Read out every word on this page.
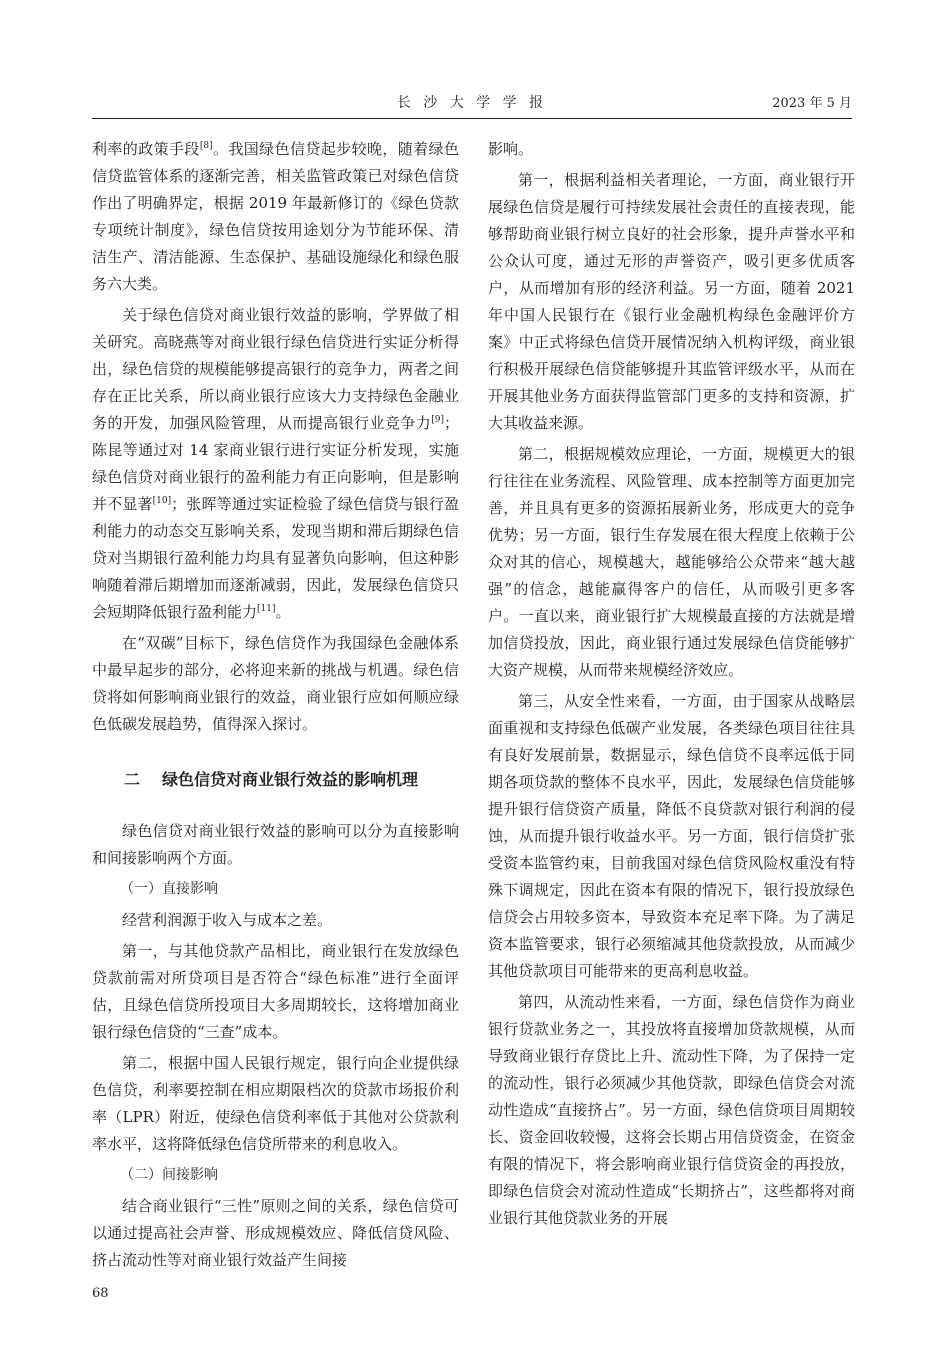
长 沙 大 学 学 报	2023 年 5 月

利率的政策手段[8]。我国绿色信贷起步较晚，随着绿色信贷监管体系的逐渐完善，相关监管政策已对绿色信贷作出了明确界定，根据 2019 年最新修订的《绿色贷款专项统计制度》，绿色信贷按用途划分为节能环保、清洁生产、清洁能源、生态保护、基础设施绿化和绿色服务六大类。

关于绿色信贷对商业银行效益的影响，学界做了相关研究。高晓燕等对商业银行绿色信贷进行实证分析得出，绿色信贷的规模能够提高银行的竞争力，两者之间存在正比关系，所以商业银行应该大力支持绿色金融业务的开发，加强风险管理，从而提高银行业竞争力[9]；陈昆等通过对 14 家商业银行进行实证分析发现，实施绿色信贷对商业银行的盈利能力有正向影响，但是影响并不显著[10]；张晖等通过实证检验了绿色信贷与银行盈利能力的动态交互影响关系，发现当期和滞后期绿色信贷对当期银行盈利能力均具有显著负向影响，但这种影响随着滞后期增加而逐渐减弱，因此，发展绿色信贷只会短期降低银行盈利能力[11]。

在“双碳”目标下，绿色信贷作为我国绿色金融体系中最早起步的部分，必将迎来新的挑战与机遇。绿色信贷将如何影响商业银行的效益，商业银行应如何顺应绿色低碳发展趋势，值得深入探讨。

二 绿色信贷对商业银行效益的影响机理

绿色信贷对商业银行效益的影响可以分为直接影响和间接影响两个方面。

（一）直接影响

经营利润源于收入与成本之差。

第一，与其他贷款产品相比，商业银行在发放绿色贷款前需对所贷项目是否符合“绿色标准”进行全面评估，且绿色信贷所投项目大多周期较长，这将增加商业银行绿色信贷的“三查”成本。

第二，根据中国人民银行规定，银行向企业提供绿色信贷，利率要控制在相应期限档次的贷款市场报价利率（LPR）附近，使绿色信贷利率低于其他对公贷款利率水平，这将降低绿色信贷所带来的利息收入。

（二）间接影响

结合商业银行“三性”原则之间的关系，绿色信贷可以通过提高社会声誉、形成规模效应、降低信贷风险、挤占流动性等对商业银行效益产生间接

影响。

第一，根据利益相关者理论，一方面，商业银行开展绿色信贷是履行可持续发展社会责任的直接表现，能够帮助商业银行树立良好的社会形象，提升声誉水平和公众认可度，通过无形的声誉资产，吸引更多优质客户，从而增加有形的经济利益。另一方面，随着 2021 年中国人民银行在《银行业金融机构绿色金融评价方案》中正式将绿色信贷开展情况纳入机构评级，商业银行积极开展绿色信贷能够提升其监管评级水平，从而在开展其他业务方面获得监管部门更多的支持和资源，扩大其收益来源。

第二，根据规模效应理论，一方面，规模更大的银行往往在业务流程、风险管理、成本控制等方面更加完善，并且具有更多的资源拓展新业务，形成更大的竞争优势；另一方面，银行生存发展在很大程度上依赖于公众对其的信心，规模越大，越能够给公众带来“越大越强”的信念，越能赢得客户的信任，从而吸引更多客户。一直以来，商业银行扩大规模最直接的方法就是增加信贷投放，因此，商业银行通过发展绿色信贷能够扩大资产规模，从而带来规模经济效应。

第三，从安全性来看，一方面，由于国家从战略层面重视和支持绿色低碳产业发展，各类绿色项目往往具有良好发展前景，数据显示，绿色信贷不良率远低于同期各项贷款的整体不良水平，因此，发展绿色信贷能够提升银行信贷资产质量，降低不良贷款对银行利润的侵蚀，从而提升银行收益水平。另一方面，银行信贷扩张受资本监管约束，目前我国对绿色信贷风险权重没有特殊下调规定，因此在资本有限的情况下，银行投放绿色信贷会占用较多资本，导致资本充足率下降。为了满足资本监管要求，银行必须缩减其他贷款投放，从而减少其他贷款项目可能带来的更高利息收益。

第四，从流动性来看，一方面，绿色信贷作为商业银行贷款业务之一，其投放将直接增加贷款规模，从而导致商业银行存贷比上升、流动性下降，为了保持一定的流动性，银行必须减少其他贷款，即绿色信贷会对流动性造成“直接挤占”。另一方面，绿色信贷项目周期较长、资金回收较慢，这将会长期占用信贷资金，在资金有限的情况下，将会影响商业银行信贷资金的再投放，即绿色信贷会对流动性造成“长期挤占”，这些都将对商业银行其他贷款业务的开展

68
